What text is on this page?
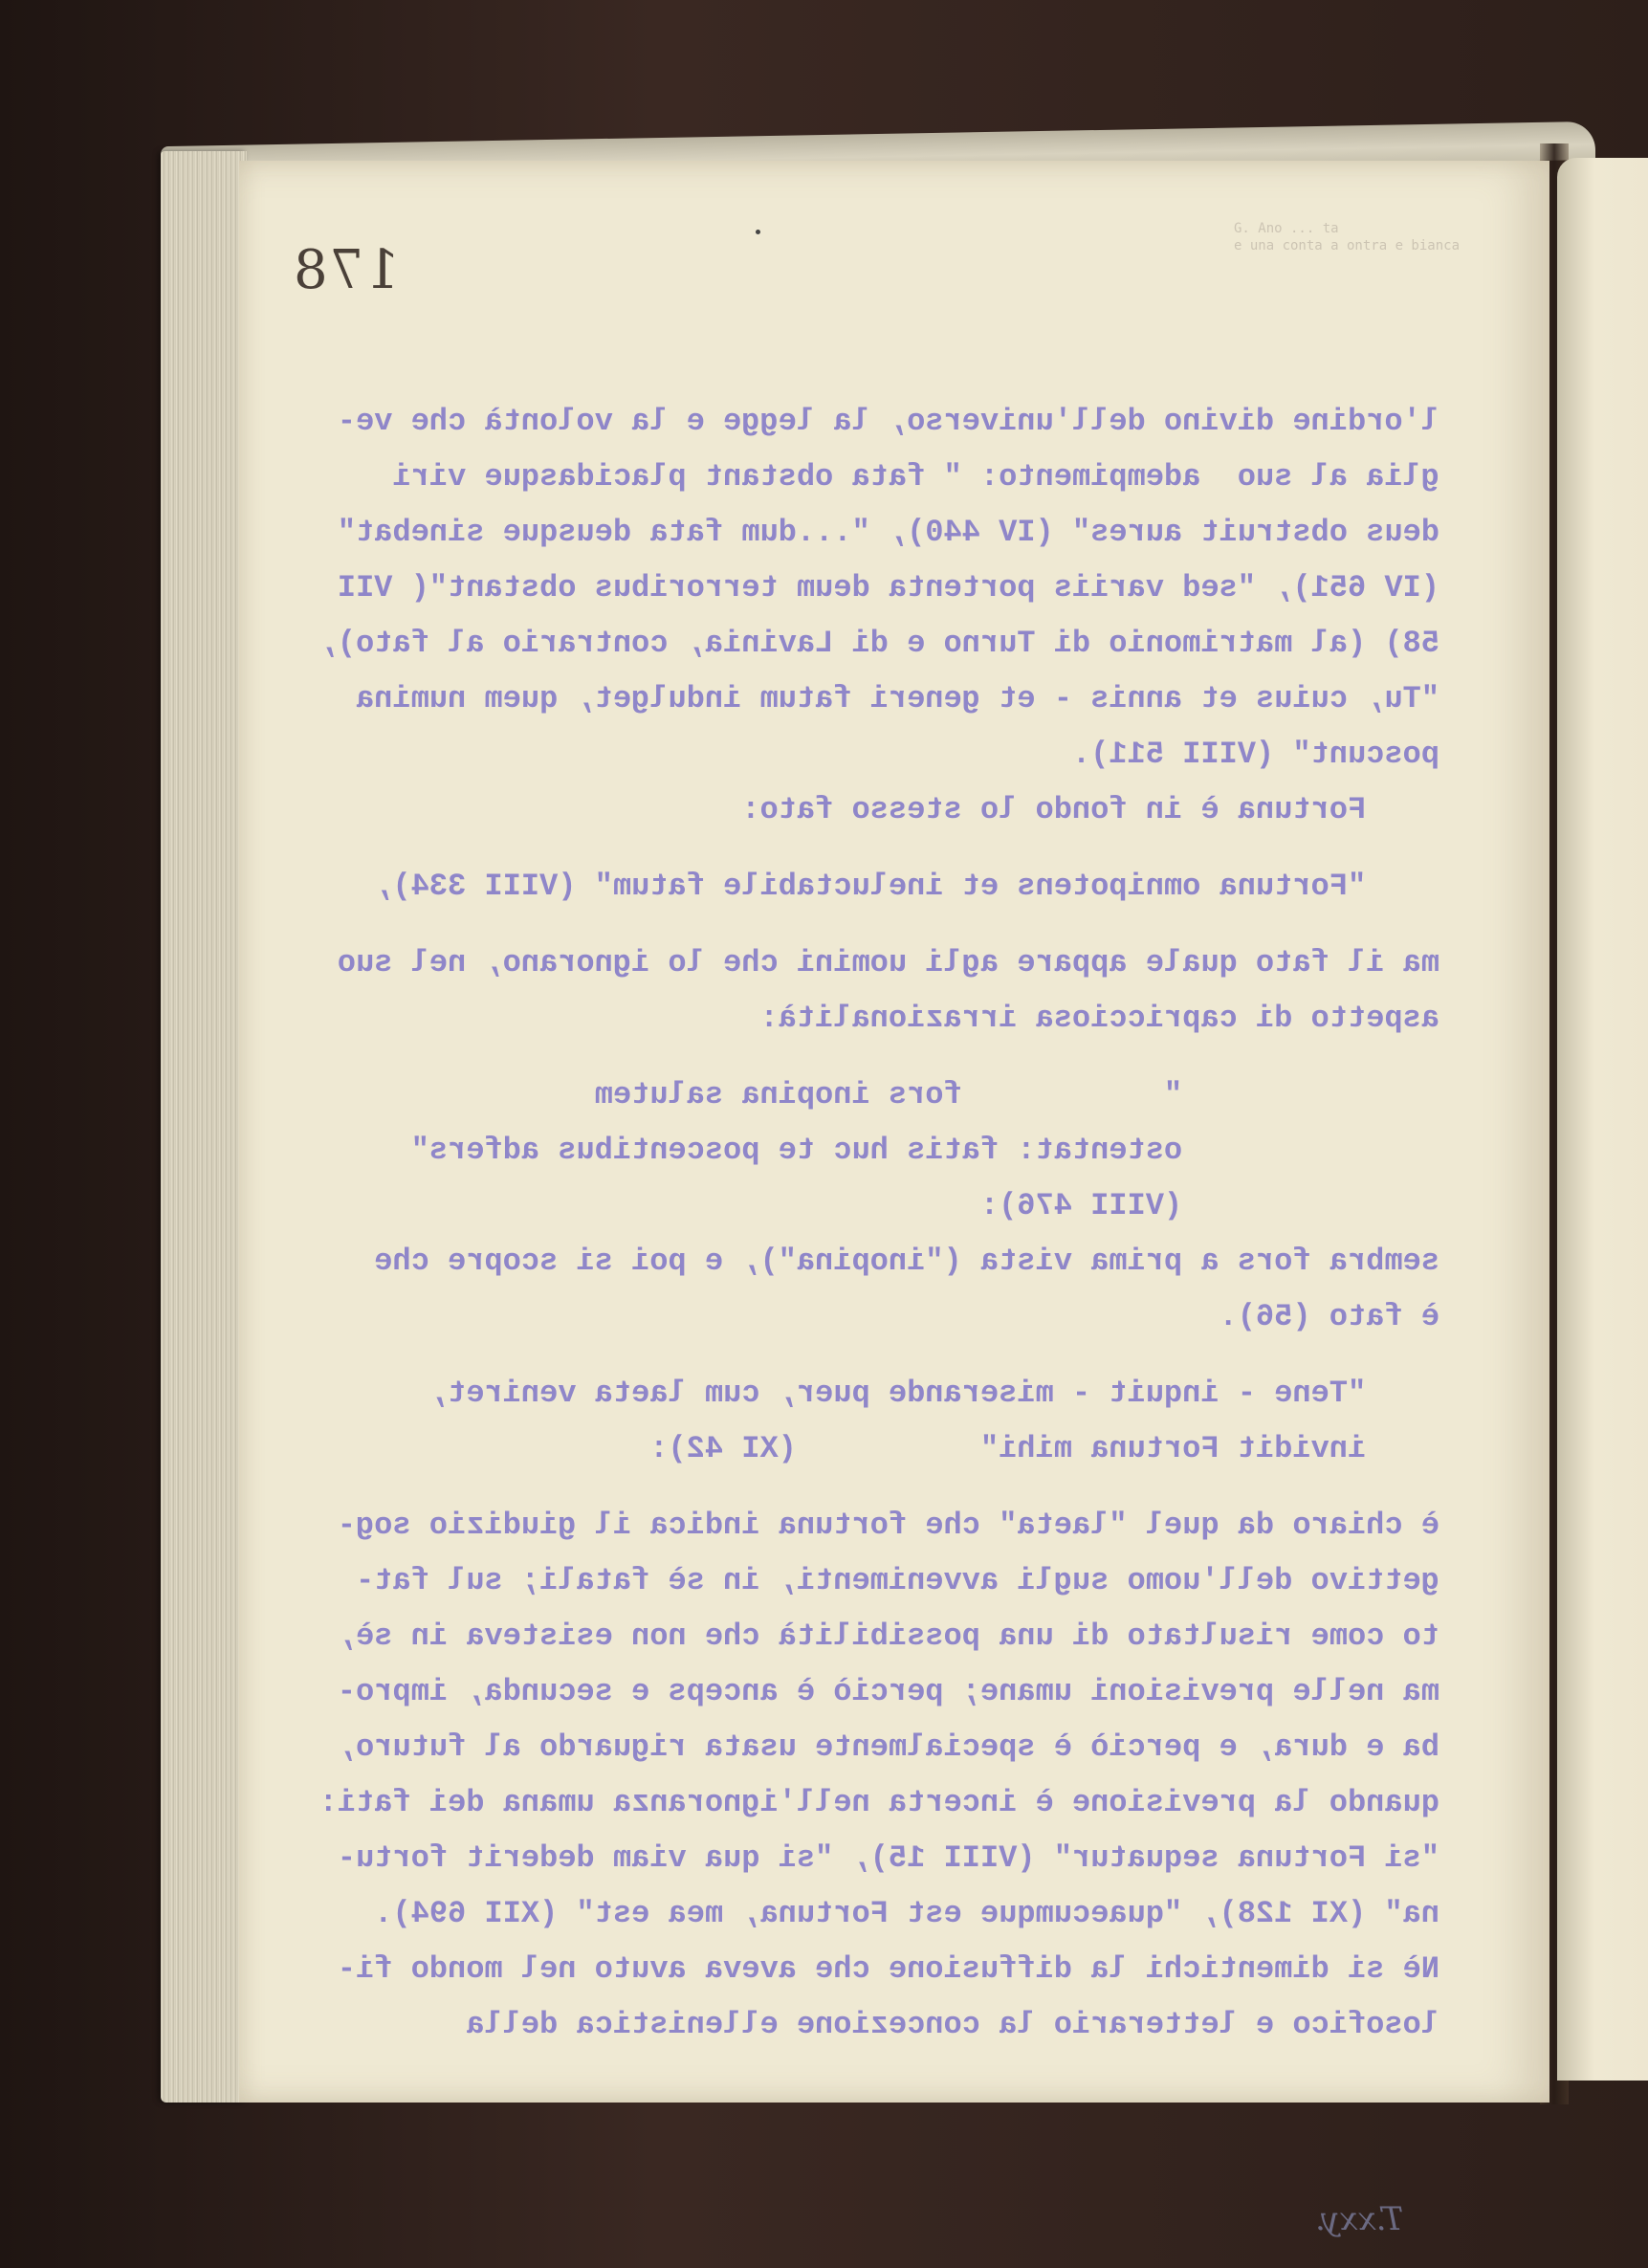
178
G. Ano ... ta
e una conta a ontra e bianca
l'ordine divino dell'universo, la legge e la volontà che ve-
glia al suo  adempimento: " fata obstant placidasque viri
deus obstruit aures" (IV 440), "...dum fata deusque sinebat"
(IV 651), "sed variis portenta deum terroribus obstant"( VII
58) (al matrimonio di Turno e di Lavinia, contrario al fato),
"Tu, cuius et annis - et generi fatum indulget, quem numina
poscunt" (VIII 511).
Fortuna è in fondo lo stesso fato:
"Fortuna omnipotens et ineluctabile fatum" (VIII 334),
ma il fato quale appare agli uomini che lo ignorano, nel suo
aspetto di capricciosa irrazionalità:
"           fors inopina salutem
ostentat: fatis huc te poscentibus adfers"
(VIII 476):
sembra fors a prima vista ("inopina"), e poi si scopre che
è fato (56).
"Tene - inquit - miserande puer, cum laeta veniret,
invidit Fortuna mihi"          (XI 42):
è chiaro da quel "laeta" che fortuna indica il giudizio sog-
gettivo dell'uomo sugli avvenimenti, in sè fatali; sul fat-
to come risultato di una possibilità che non esisteva in sè,
ma nelle previsioni umane; perciò è anceps e secunda, impro-
ba e dura, e perciò è specialmente usata riguardo al futuro,
quando la previsione è incerta nell'ignoranza umana dei fati:
"si Fortuna sequatur" (VIII 15), "si qua viam dederit fortu-
na" (XI 128), "quaecumque est Fortuna, mea est" (XII 694).
Nè si dimentichi la diffusione che aveva avuto nel mondo fi-
losofico e letterario la concezione ellenistica della
T.xxy.
